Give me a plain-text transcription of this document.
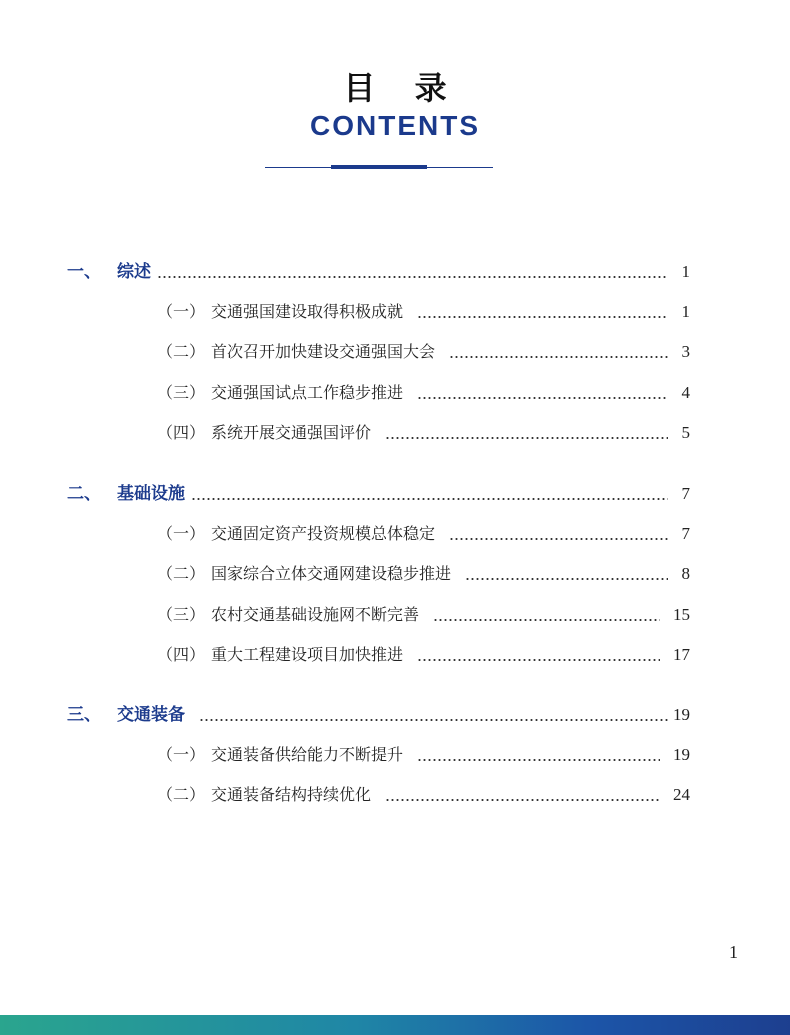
目 录
CONTENTS
一、 综述	1
（一） 交通强国建设取得积极成就	1
（二） 首次召开加快建设交通强国大会	3
（三） 交通强国试点工作稳步推进	4
（四） 系统开展交通强国评价	5
二、 基础设施	7
（一） 交通固定资产投资规模总体稳定	7
（二） 国家综合立体交通网建设稳步推进	8
（三） 农村交通基础设施网不断完善	15
（四） 重大工程建设项目加快推进	17
三、 交通装备	19
（一） 交通装备供给能力不断提升	19
（二） 交通装备结构持续优化	24
1
